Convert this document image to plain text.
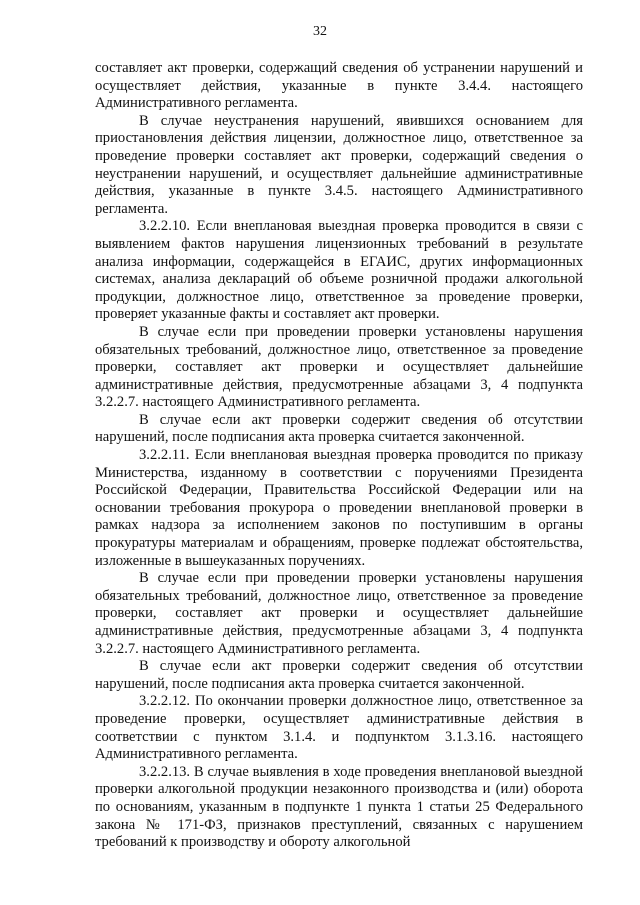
32

составляет акт проверки, содержащий сведения об устранении нарушений и осуществляет действия, указанные в пункте 3.4.4. настоящего Административного регламента.

В случае неустранения нарушений, явившихся основанием для приостановления действия лицензии, должностное лицо, ответственное за проведение проверки составляет акт проверки, содержащий сведения о неустранении нарушений, и осуществляет дальнейшие административные действия, указанные в пункте 3.4.5. настоящего Административного регламента.

3.2.2.10. Если внеплановая выездная проверка проводится в связи с выявлением фактов нарушения лицензионных требований в результате анализа информации, содержащейся в ЕГАИС, других информационных системах, анализа деклараций об объеме розничной продажи алкогольной продукции, должностное лицо, ответственное за проведение проверки, проверяет указанные факты и составляет акт проверки.

В случае если при проведении проверки установлены нарушения обязательных требований, должностное лицо, ответственное за проведение проверки, составляет акт проверки и осуществляет дальнейшие административные действия, предусмотренные абзацами 3, 4 подпункта 3.2.2.7. настоящего Административного регламента.

В случае если акт проверки содержит сведения об отсутствии нарушений, после подписания акта проверка считается законченной.

3.2.2.11. Если внеплановая выездная проверка проводится по приказу Министерства, изданному в соответствии с поручениями Президента Российской Федерации, Правительства Российской Федерации или на основании требования прокурора о проведении внеплановой проверки в рамках надзора за исполнением законов по поступившим в органы прокуратуры материалам и обращениям, проверке подлежат обстоятельства, изложенные в вышеуказанных поручениях.

В случае если при проведении проверки установлены нарушения обязательных требований, должностное лицо, ответственное за проведение проверки, составляет акт проверки и осуществляет дальнейшие административные действия, предусмотренные абзацами 3, 4 подпункта 3.2.2.7. настоящего Административного регламента.

В случае если акт проверки содержит сведения об отсутствии нарушений, после подписания акта проверка считается законченной.

3.2.2.12. По окончании проверки должностное лицо, ответственное за проведение проверки, осуществляет административные действия в соответствии с пунктом 3.1.4. и подпунктом 3.1.3.16. настоящего Административного регламента.

3.2.2.13. В случае выявления в ходе проведения внеплановой выездной проверки алкогольной продукции незаконного производства и (или) оборота по основаниям, указанным в подпункте 1 пункта 1 статьи 25 Федерального закона № 171-ФЗ, признаков преступлений, связанных с нарушением требований к производству и обороту алкогольной
